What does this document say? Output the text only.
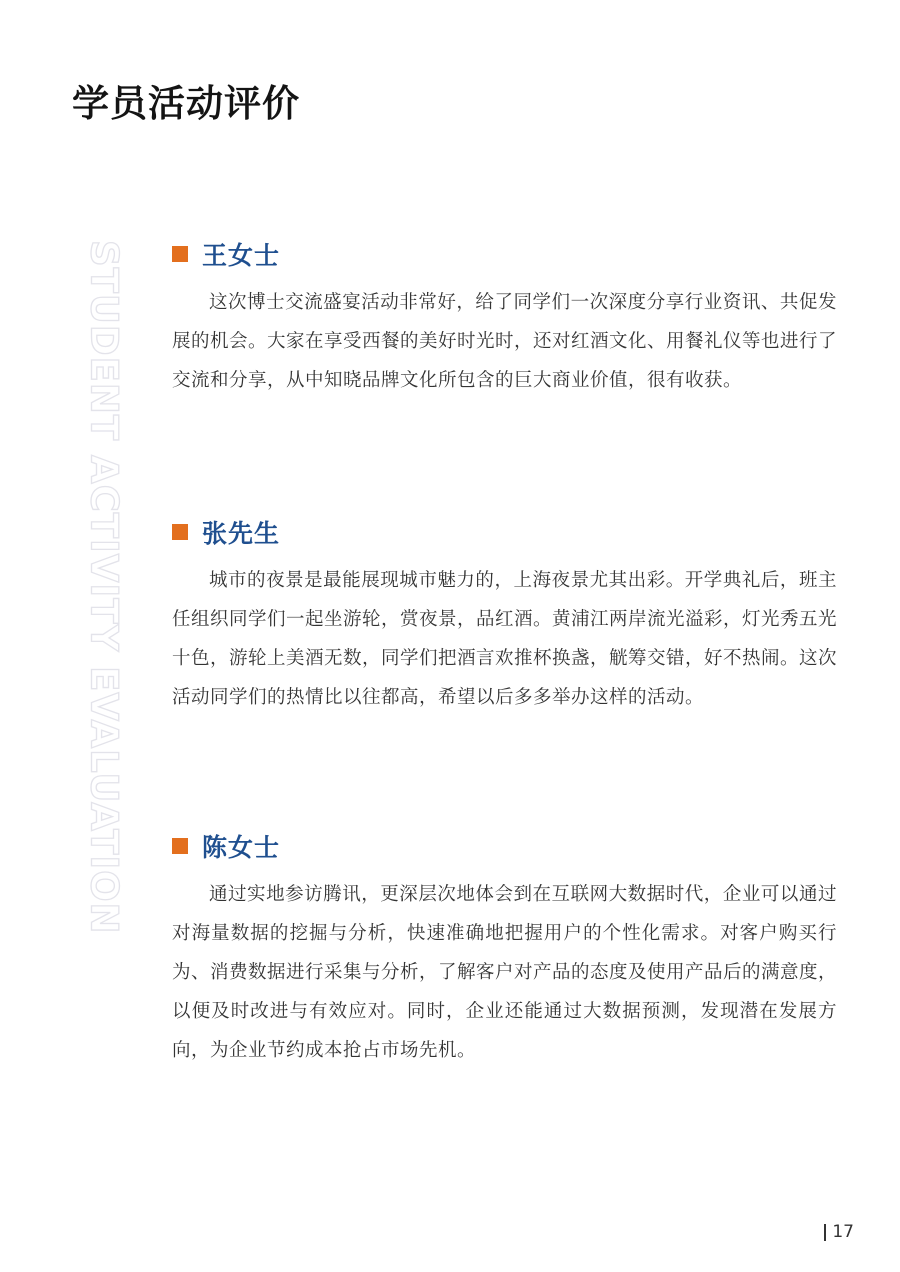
学员活动评价
STUDENT ACTIVITY EVALUATION	王女士

这次博士交流盛宴活动非常好，给了同学们一次深度分享行业资讯、共促发展的机会。大家在享受西餐的美好时光时，还对红酒文化、用餐礼仪等也进行了交流和分享，从中知晓品牌文化所包含的巨大商业价值，很有收获。

张先生

城市的夜景是最能展现城市魅力的，上海夜景尤其出彩。开学典礼后，班主任组织同学们一起坐游轮，赏夜景，品红酒。黄浦江两岸流光溢彩，灯光秀五光十色，游轮上美酒无数，同学们把酒言欢推杯换盏，觥筹交错，好不热闹。这次活动同学们的热情比以往都高，希望以后多多举办这样的活动。

陈女士

通过实地参访腾讯，更深层次地体会到在互联网大数据时代，企业可以通过对海量数据的挖掘与分析，快速准确地把握用户的个性化需求。对客户购买行为、消费数据进行采集与分析，了解客户对产品的态度及使用产品后的满意度，以便及时改进与有效应对。同时，企业还能通过大数据预测，发现潜在发展方向，为企业节约成本抢占市场先机。

17
